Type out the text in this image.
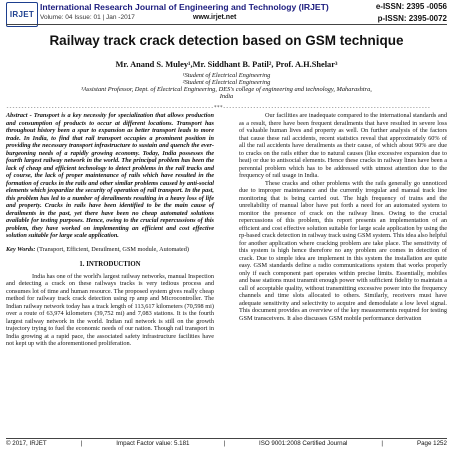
IRJET
International Research Journal of Engineering and Technology (IRJET)	e-ISSN: 2395 -0056
Volume: 04 Issue: 01 | Jan -2017	www.irjet.net	p-ISSN: 2395-0072
Railway track crack detection based on GSM technique
Mr. Anand S. Muley¹,Mr. Siddhant B. Patil², Prof. A.H.Shelar³
¹Student of Electrical Engineering
²Student of Electrical Engineering
³Assistant Professor, Dept. of Electrical Engineering, DES's college of engineering and technology, Maharashtra,
India
---------------------------------------------------------------------***---------------------------------------------------------------------

Abstract - Transport is a key necessity for specialization that allows production and consumption of products to occur at different locations. Transport has throughout history been a spur to expansion as better transport leads to more trade. In India, to find that rail transport occupies a prominent position in providing the necessary transport infrastructure to sustain and quench the ever-burgeoning needs of a rapidly growing economy. Today, India possesses the fourth largest railway network in the world. The principal problem has been the lack of cheap and efficient technology to detect problems in the rail tracks and of course, the lack of proper maintenance of rails which have resulted in the formation of cracks in the rails and other similar problems caused by anti-social elements which jeopardize the security of operation of rail transport. In the past, this problem has led to a number of derailments resulting in a heavy loss of life and property. Cracks in rails have been identified to be the main cause of derailments in the past, yet there have been no cheap automated solutions available for testing purposes. Hence, owing to the crucial repercussions of this problem, they have worked on implementing an efficient and cost effective solution suitable for large scale application.

Key Words: (Transport, Efficient, Derailment, GSM module, Automated)

1. INTRODUCTION

India has one of the world's largest railway networks, manual Inspection and detecting a crack on these railways tracks is very tedious process and consumes lot of time and human resource. The proposed system gives really cheap method for railway track crack detection using rp amp and Microcontroller. The Indian railway network today has a track length of 113,617 kilometers (70,598 mi) over a route of 63,974 kilometers (39,752 mi) and 7,083 stations. It is the fourth largest railway network in the world. Indian rail network is still on the growth trajectory trying to fuel the economic needs of our nation. Though rail transport in India growing at a rapid pace, the associated safety infrastructure facilities have not kept up with the aforementioned proliferation.

Our facilities are inadequate compared to the international standards and as a result, there have been frequent derailments that have resulted in severe loss of valuable human lives and property as well. On further analysis of the factors that cause these rail accidents, recent statistics reveal that approximately 60% of all the rail accidents have derailments as their cause, of which about 90% are due to cracks on the rails either due to natural causes (like excessive expansion due to heat) or due to antisocial elements. Hence these cracks in railway lines have been a perennial problem which has to be addressed with utmost attention due to the frequency of rail usage in India.

These cracks and other problems with the rails generally go unnoticed due to improper maintenance and the currently irregular and manual track line monitoring that is being carried out. The high frequency of trains and the unreliability of manual labor have put forth a need for an automated system to monitor the presence of crack on the railway lines. Owing to the crucial repercussions of this problem, this report presents an implementation of an efficient and cost effective solution suitable for large scale application by using the rp-based crack detection in railway track using GSM system. This idea also helpful for another application where cracking problem are take place. The sensitivity of this system is high hence therefore no any problem are comes in detection of crack. Due to simple idea are implement in this system the installation are quite easy. GSM standards define a radio communications system that works properly only if each component part operates within precise limits. Essentially, mobiles and base stations must transmit enough power with sufficient fidelity to maintain a call of acceptable quality, without transmitting excessive power into the frequency channels and time slots allocated to others. Similarly, receivers must have adequate sensitivity and selectivity to acquire and demodulate a low level signal. This document provides an overview of the key measurements required for testing GSM transceivers. It also discusses GSM mobile performance derivation

© 2017, IRJET	|	Impact Factor value: 5.181	|	ISO 9001:2008 Certified Journal	|	Page 1252
